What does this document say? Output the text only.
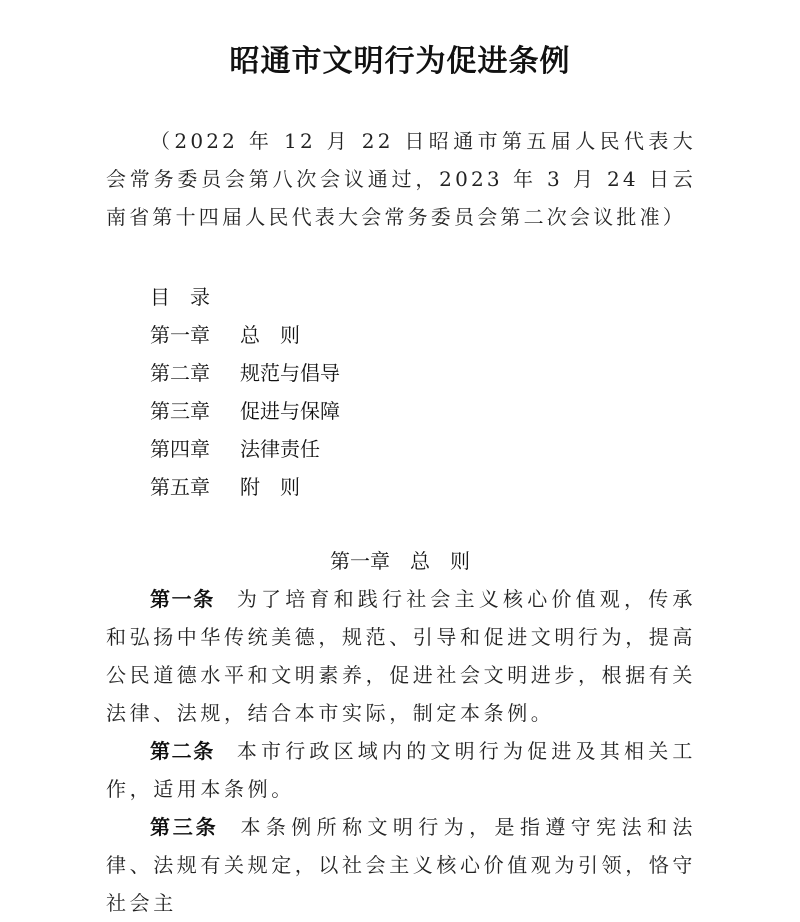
昭通市文明行为促进条例
（2022 年 12 月 22 日昭通市第五届人民代表大会常务委员会第八次会议通过，2023 年 3 月 24 日云南省第十四届人民代表大会常务委员会第二次会议批准）
目　录
第一章 总　则
第二章 规范与倡导
第三章 促进与保障
第四章 法律责任
第五章 附　则
第一章　总　则

第一条 为了培育和践行社会主义核心价值观，传承和弘扬中华传统美德，规范、引导和促进文明行为，提高公民道德水平和文明素养，促进社会文明进步，根据有关法律、法规，结合本市实际，制定本条例。

第二条 本市行政区域内的文明行为促进及其相关工作，适用本条例。

第三条 本条例所称文明行为，是指遵守宪法和法律、法规有关规定，以社会主义核心价值观为引领，恪守社会主
